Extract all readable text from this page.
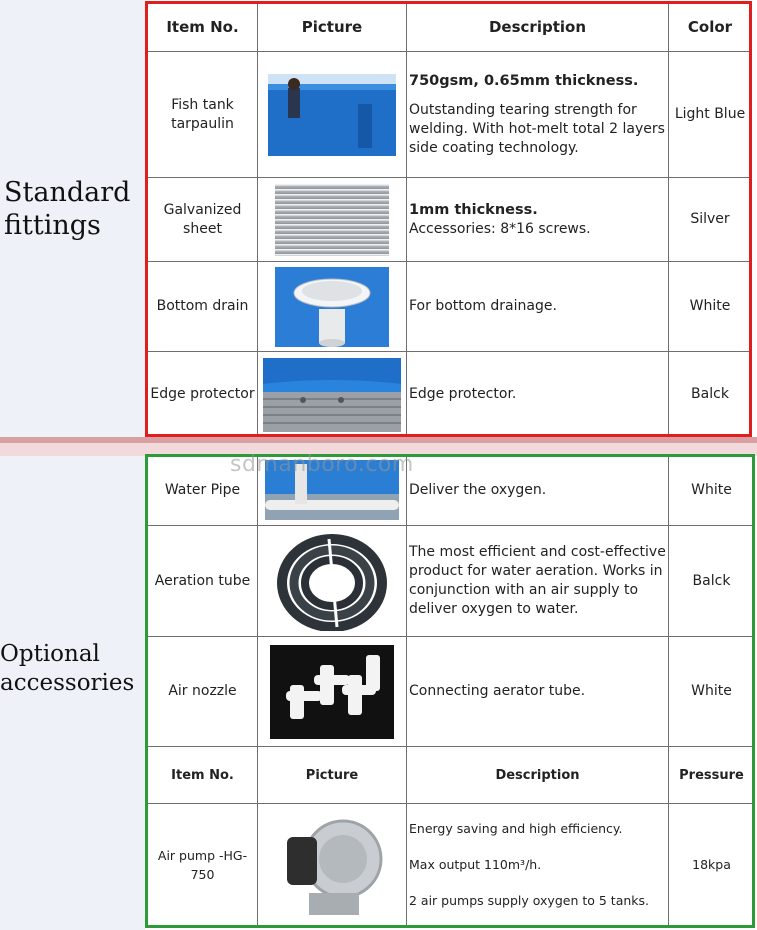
Standard fittings
Optional accessories
Item No.	Picture	Description	Color
Fish tank tarpaulin		750gsm, 0.65mm thickness.

Outstanding tearing strength for welding. With hot-melt total 2 layers side coating technology.	Light Blue
Galvanized sheet		1mm thickness.
Accessories: 8*16 screws.	Silver
Bottom drain		For bottom drainage.	White
Edge protector		Edge protector.	Balck
Water Pipe		Deliver the oxygen.	White
Aeration tube		The most efficient and cost-effective product for water aeration. Works in conjunction with an air supply to deliver oxygen to water.	Balck
Air nozzle		Connecting aerator tube.	White
Item No.	Picture	Description	Pressure
Air pump -HG-750		Energy saving and high efficiency.

Max output 110m³/h.

2 air pumps supply oxygen to 5 tanks.	18kpa
sdmanboro.com
